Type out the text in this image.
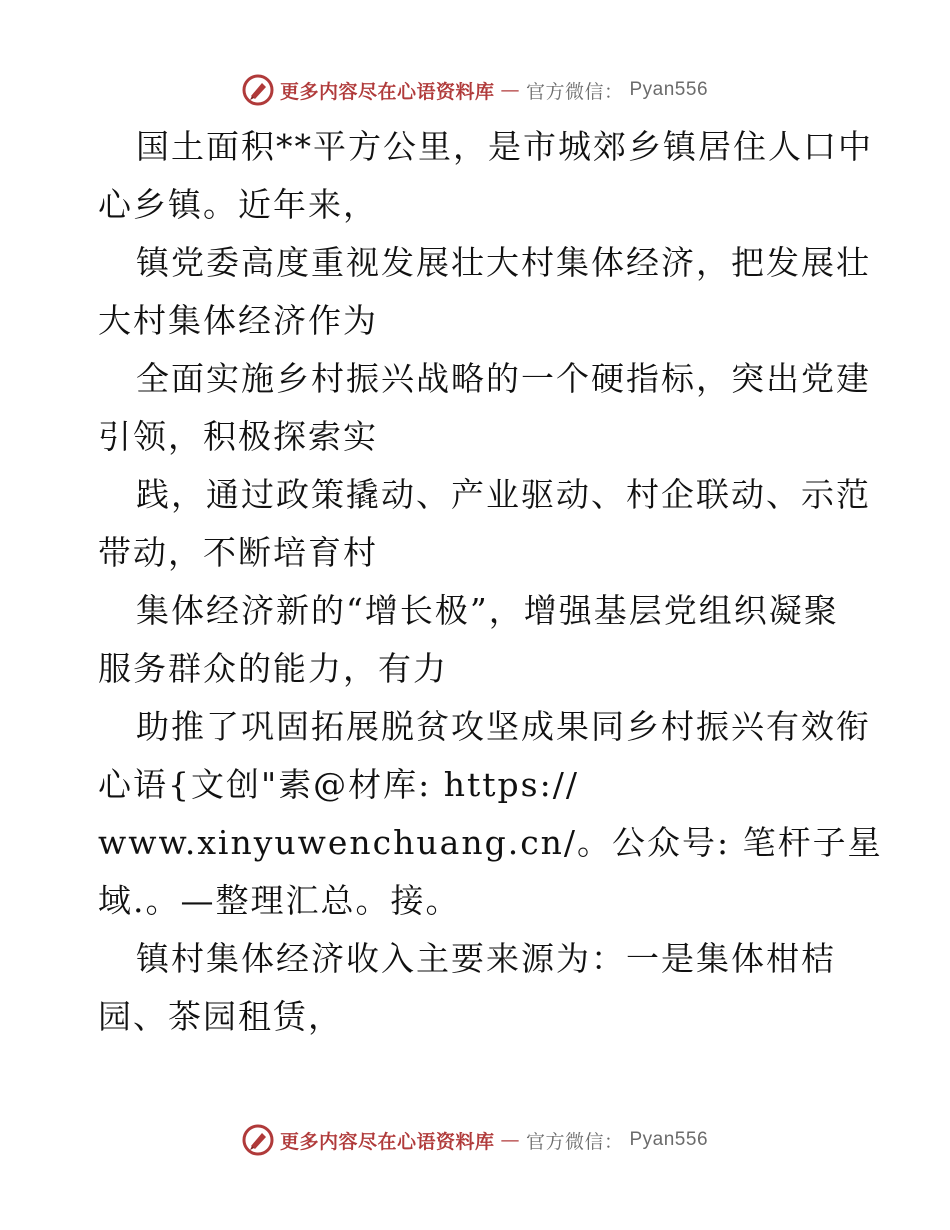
更多内容尽在心语资料库 — 官方微信： Pyan556

国土面积**平方公里，是市城郊乡镇居住人口中
心乡镇。近年来，

镇党委高度重视发展壮大村集体经济，把发展壮
大村集体经济作为

全面实施乡村振兴战略的一个硬指标，突出党建
引领，积极探索实

践，通过政策撬动、产业驱动、村企联动、示范
带动，不断培育村

集体经济新的“增长极”，增强基层党组织凝聚
服务群众的能力，有力

助推了巩固拓展脱贫攻坚成果同乡村振兴有效衔
心语{文创"素@材库: https://
www.xinyuwenchuang.cn/。公众号: 笔杆子星
域.。—整理汇总。接。

镇村集体经济收入主要来源为：一是集体柑桔
园、茶园租赁，

更多内容尽在心语资料库 — 官方微信： Pyan556
